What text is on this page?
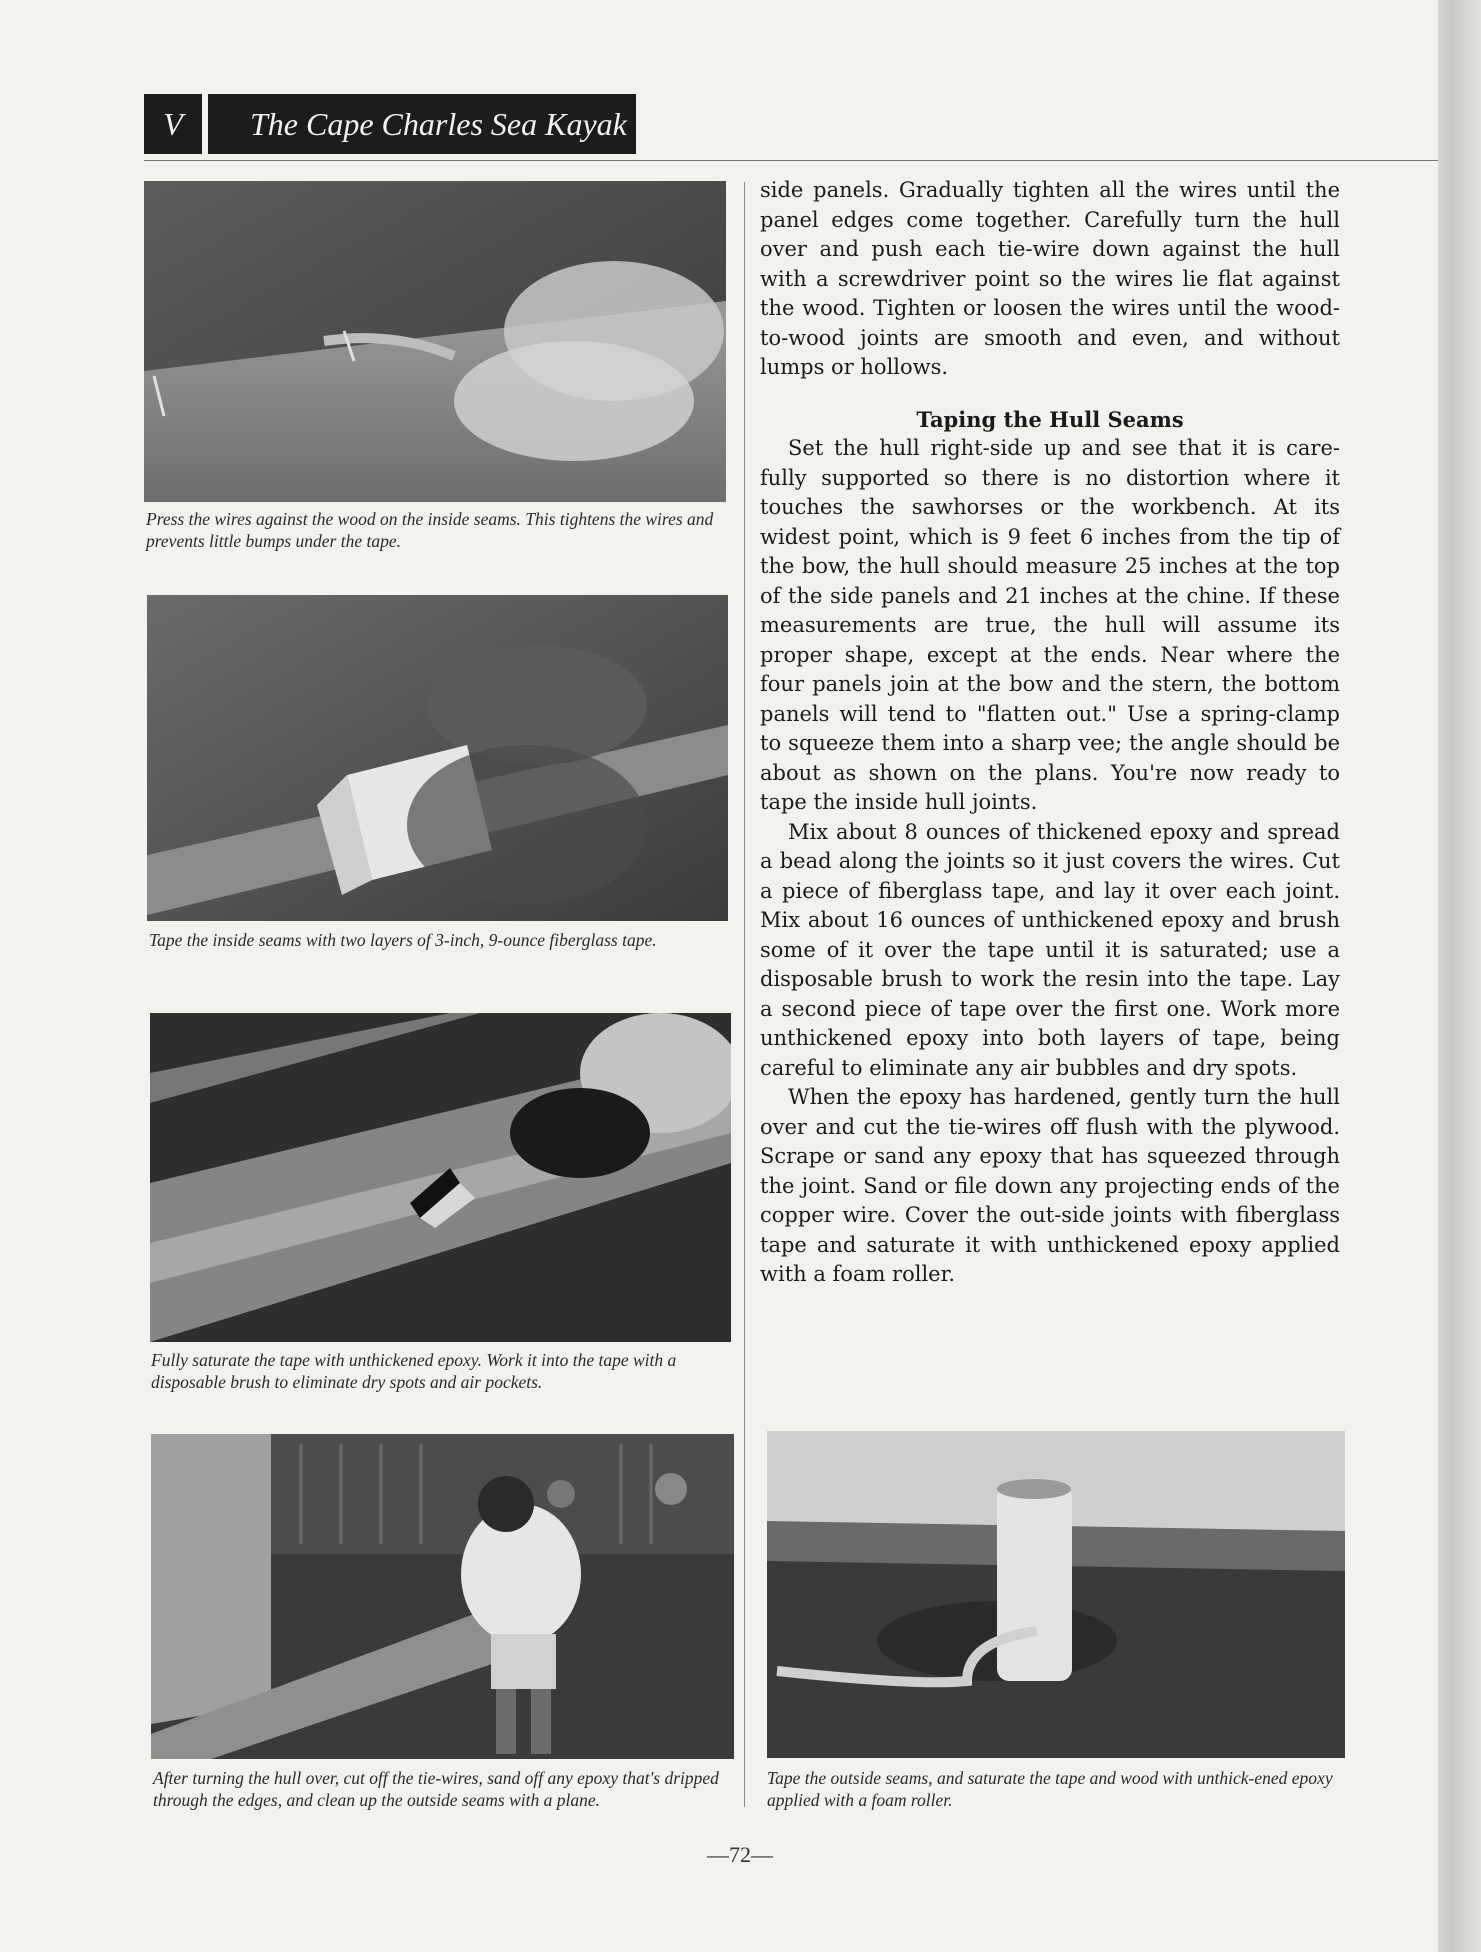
V	The Cape Charles Sea Kayak

Press the wires against the wood on the inside seams. This tightens the wires and prevents little bumps under the tape.

Tape the inside seams with two layers of 3-inch, 9-ounce fiberglass tape.

Fully saturate the tape with unthickened epoxy. Work it into the tape with a disposable brush to eliminate dry spots and air pockets.

After turning the hull over, cut off the tie-wires, sand off any epoxy that's dripped through the edges, and clean up the outside seams with a plane.

Tape the outside seams, and saturate the tape and wood with unthick-ened epoxy applied with a foam roller.

side panels. Gradually tighten all the wires until the panel edges come together. Carefully turn the hull over and push each tie-wire down against the hull with a screwdriver point so the wires lie flat against the wood. Tighten or loosen the wires until the wood-to-wood joints are smooth and even, and without lumps or hollows.

Taping the Hull Seams

Set the hull right-side up and see that it is care-fully supported so there is no distortion where it touches the sawhorses or the workbench. At its widest point, which is 9 feet 6 inches from the tip of the bow, the hull should measure 25 inches at the top of the side panels and 21 inches at the chine. If these measurements are true, the hull will assume its proper shape, except at the ends. Near where the four panels join at the bow and the stern, the bottom panels will tend to "flatten out." Use a spring-clamp to squeeze them into a sharp vee; the angle should be about as shown on the plans. You're now ready to tape the inside hull joints.

Mix about 8 ounces of thickened epoxy and spread a bead along the joints so it just covers the wires. Cut a piece of fiberglass tape, and lay it over each joint. Mix about 16 ounces of unthickened epoxy and brush some of it over the tape until it is saturated; use a disposable brush to work the resin into the tape. Lay a second piece of tape over the first one. Work more unthickened epoxy into both layers of tape, being careful to eliminate any air bubbles and dry spots.

When the epoxy has hardened, gently turn the hull over and cut the tie-wires off flush with the plywood. Scrape or sand any epoxy that has squeezed through the joint. Sand or file down any projecting ends of the copper wire. Cover the out-side joints with fiberglass tape and saturate it with unthickened epoxy applied with a foam roller.

—72—
